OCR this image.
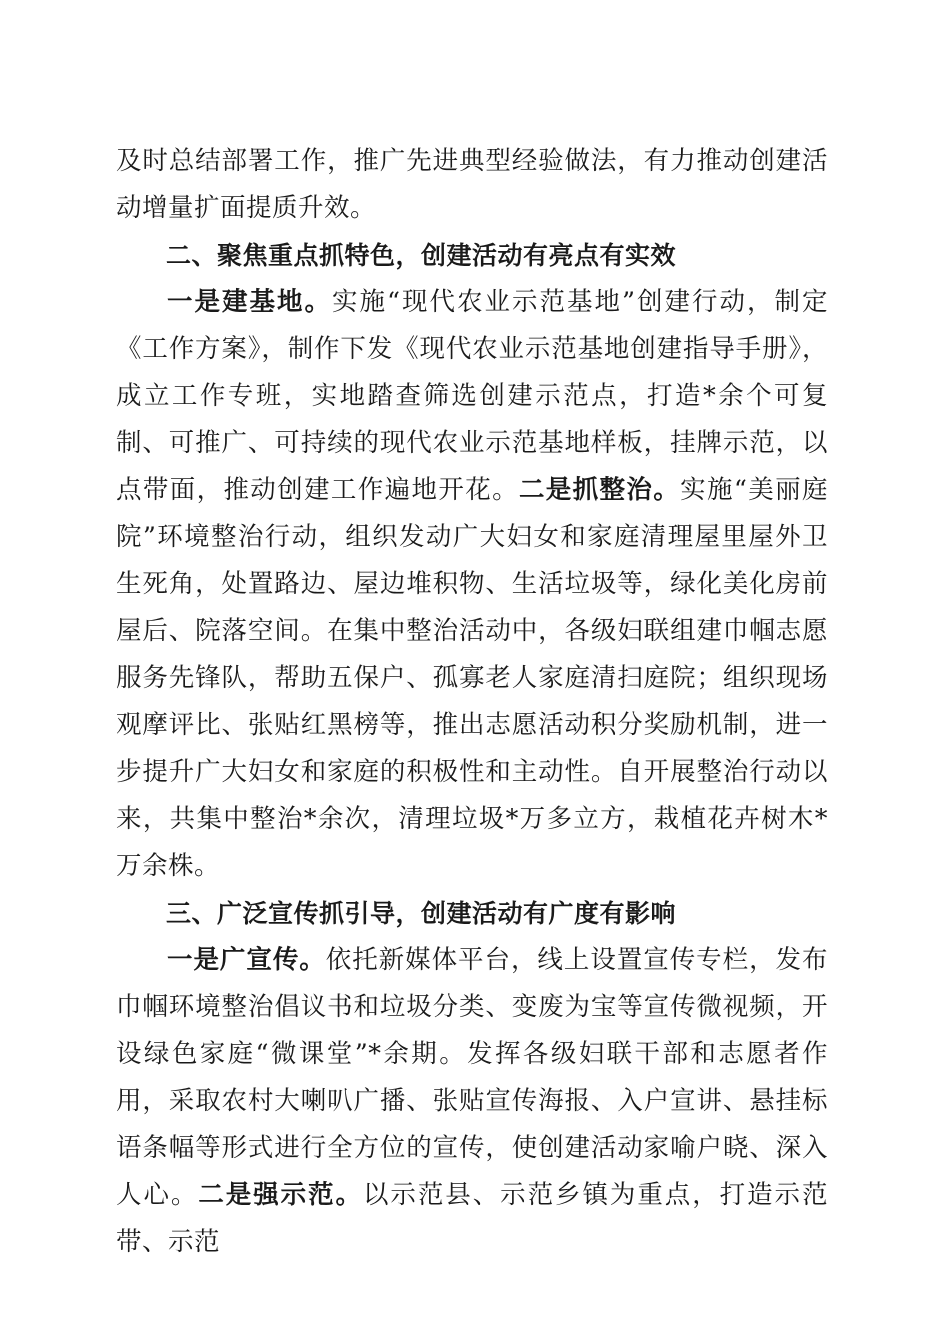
及时总结部署工作，推广先进典型经验做法，有力推动创建活动增量扩面提质升效。

二、聚焦重点抓特色，创建活动有亮点有实效

一是建基地。实施“现代农业示范基地”创建行动，制定《工作方案》，制作下发《现代农业示范基地创建指导手册》，成立工作专班，实地踏查筛选创建示范点，打造*余个可复制、可推广、可持续的现代农业示范基地样板，挂牌示范，以点带面，推动创建工作遍地开花。二是抓整治。实施“美丽庭院”环境整治行动，组织发动广大妇女和家庭清理屋里屋外卫生死角，处置路边、屋边堆积物、生活垃圾等，绿化美化房前屋后、院落空间。在集中整治活动中，各级妇联组建巾帼志愿服务先锋队，帮助五保户、孤寡老人家庭清扫庭院；组织现场观摩评比、张贴红黑榜等，推出志愿活动积分奖励机制，进一步提升广大妇女和家庭的积极性和主动性。自开展整治行动以来，共集中整治*余次，清理垃圾*万多立方，栽植花卉树木*万余株。

三、广泛宣传抓引导，创建活动有广度有影响

一是广宣传。依托新媒体平台，线上设置宣传专栏，发布巾帼环境整治倡议书和垃圾分类、变废为宝等宣传微视频，开设绿色家庭“微课堂”*余期。发挥各级妇联干部和志愿者作用，采取农村大喇叭广播、张贴宣传海报、入户宣讲、悬挂标语条幅等形式进行全方位的宣传，使创建活动家喻户晓、深入人心。二是强示范。以示范县、示范乡镇为重点，打造示范带、示范
